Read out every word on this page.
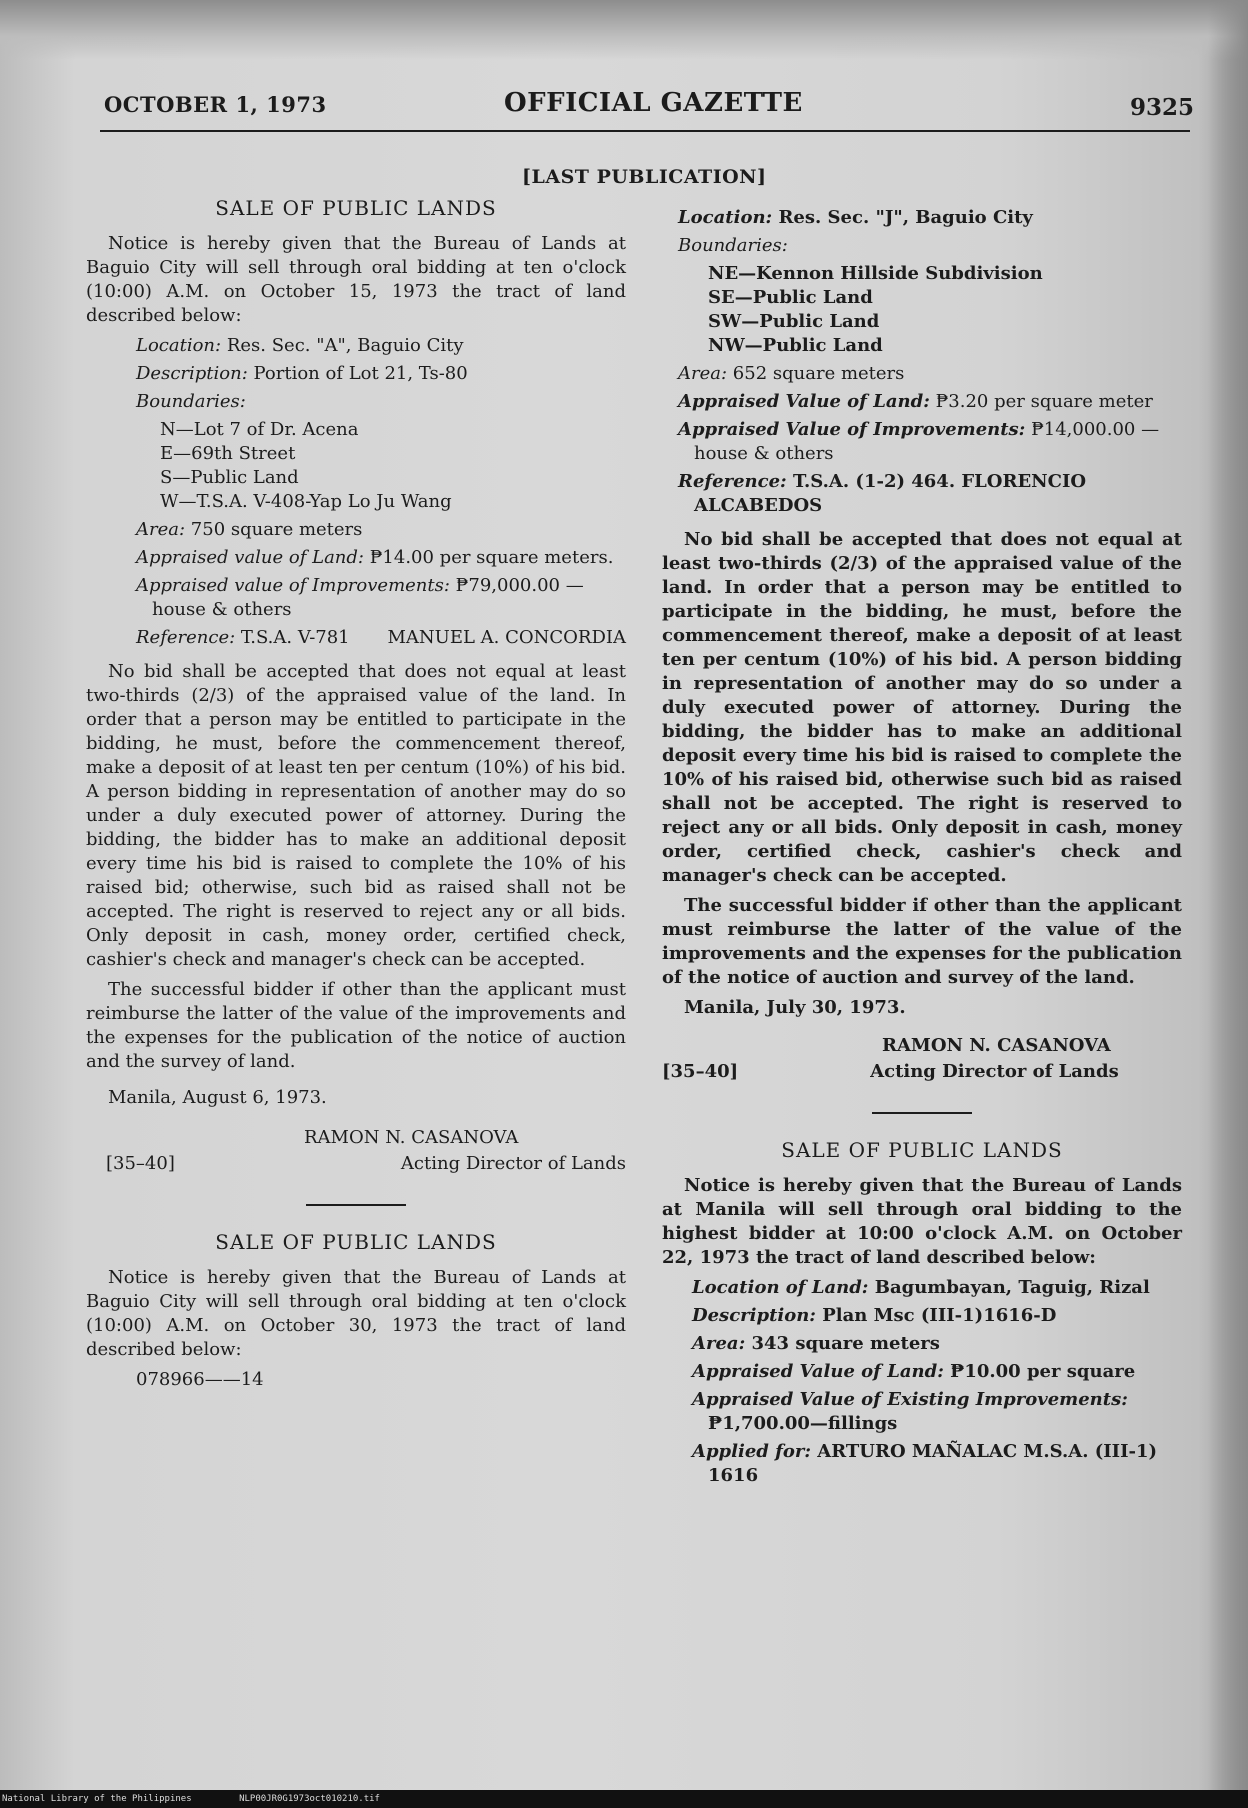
OCTOBER 1, 1973	OFFICIAL GAZETTE	9325
[LAST PUBLICATION]
SALE OF PUBLIC LANDS

Notice is hereby given that the Bureau of Lands at Baguio City will sell through oral bidding at ten o'clock (10:00) A.M. on October 15, 1973 the tract of land described below:

Location: Res. Sec. "A", Baguio City

Description: Portion of Lot 21, Ts-80

Boundaries:

N—Lot 7 of Dr. Acena

E—69th Street

S—Public Land

W—T.S.A. V-408-Yap Lo Ju Wang

Area: 750 square meters

Appraised value of Land: ₱14.00 per square meters.

Appraised value of Improvements: ₱79,000.00 —house & others

Reference: T.S.A. V-781 MANUEL A. CONCORDIA

No bid shall be accepted that does not equal at least two-thirds (2/3) of the appraised value of the land. In order that a person may be entitled to participate in the bidding, he must, before the commencement thereof, make a deposit of at least ten per centum (10%) of his bid. A person bidding in representation of another may do so under a duly executed power of attorney. During the bidding, the bidder has to make an additional deposit every time his bid is raised to complete the 10% of his raised bid; otherwise, such bid as raised shall not be accepted. The right is reserved to reject any or all bids. Only deposit in cash, money order, certified check, cashier's check and manager's check can be accepted.

The successful bidder if other than the applicant must reimburse the latter of the value of the improvements and the expenses for the publication of the notice of auction and the survey of land.

Manila, August 6, 1973.

RAMON N. CASANOVA
[35–40]	Acting Director of Lands
SALE OF PUBLIC LANDS

Notice is hereby given that the Bureau of Lands at Baguio City will sell through oral bidding at ten o'clock (10:00) A.M. on October 30, 1973 the tract of land described below:

078966——14

Location: Res. Sec. "J", Baguio City

Boundaries:

NE—Kennon Hillside Subdivision

SE—Public Land

SW—Public Land

NW—Public Land

Area: 652 square meters

Appraised Value of Land: ₱3.20 per square meter

Appraised Value of Improvements: ₱14,000.00 —house & others

Reference: T.S.A. (1-2) 464. FLORENCIO ALCABEDOS

No bid shall be accepted that does not equal at least two-thirds (2/3) of the appraised value of the land. In order that a person may be entitled to participate in the bidding, he must, before the commencement thereof, make a deposit of at least ten per centum (10%) of his bid. A person bidding in representation of another may do so under a duly executed power of attorney. During the bidding, the bidder has to make an additional deposit every time his bid is raised to complete the 10% of his raised bid, otherwise such bid as raised shall not be accepted. The right is reserved to reject any or all bids. Only deposit in cash, money order, certified check, cashier's check and manager's check can be accepted.

The successful bidder if other than the applicant must reimburse the latter of the value of the improvements and the expenses for the publication of the notice of auction and survey of the land.

Manila, July 30, 1973.

RAMON N. CASANOVA
[35–40]	Acting Director of Lands
SALE OF PUBLIC LANDS

Notice is hereby given that the Bureau of Lands at Manila will sell through oral bidding to the highest bidder at 10:00 o'clock A.M. on October 22, 1973 the tract of land described below:

Location of Land: Bagumbayan, Taguig, Rizal

Description: Plan Msc (III-1)1616-D

Area: 343 square meters

Appraised Value of Land: ₱10.00 per square

Appraised Value of Existing Improvements: ₱1,700.00—fillings

Applied for: ARTURO MAÑALAC M.S.A. (III-1) 1616

National Library of the Philippines	NLP00JR0G1973oct010210.tif
